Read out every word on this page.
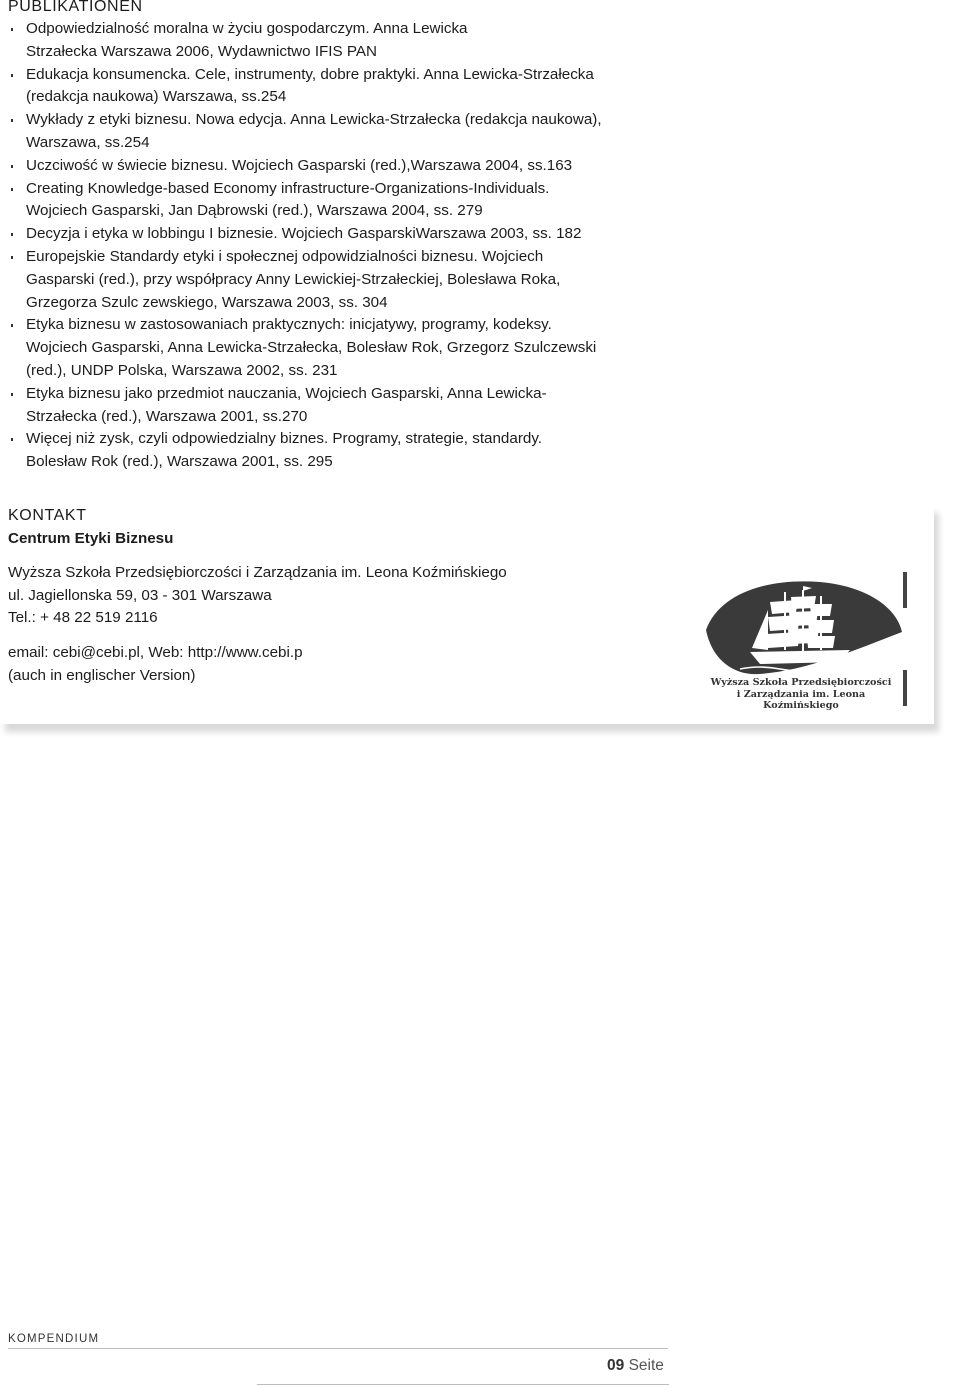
PUBLIKATIONEN
Odpowiedzialność moralna w życiu gospodarczym. Anna Lewicka
Strzałecka Warszawa 2006, Wydawnictwo IFIS PAN
Edukacja konsumencka. Cele, instrumenty, dobre praktyki. Anna Lewicka-Strzałecka
(redakcja naukowa) Warszawa, ss.254
Wykłady z etyki biznesu. Nowa edycja. Anna Lewicka-Strzałecka (redakcja naukowa),
Warszawa, ss.254
Uczciwość w świecie biznesu. Wojciech Gasparski (red.),Warszawa 2004, ss.163
Creating Knowledge-based Economy infrastructure-Organizations-Individuals.
Wojciech Gasparski, Jan Dąbrowski (red.), Warszawa 2004, ss. 279
Decyzja i etyka w lobbingu I biznesie. Wojciech GasparskiWarszawa 2003, ss. 182
Europejskie Standardy etyki i społecznej odpowidzialności biznesu. Wojciech
Gasparski (red.), przy współpracy Anny Lewickiej-Strzałeckiej, Bolesława Roka,
Grzegorza Szulc zewskiego, Warszawa 2003, ss. 304
Etyka biznesu w zastosowaniach praktycznych: inicjatywy, programy, kodeksy.
Wojciech Gasparski, Anna Lewicka-Strzałecka, Bolesław Rok, Grzegorz Szulczewski
(red.), UNDP Polska, Warszawa 2002, ss. 231
Etyka biznesu jako przedmiot nauczania, Wojciech Gasparski, Anna Lewicka-
Strzałecka (red.), Warszawa 2001, ss.270
Więcej niż zysk, czyli odpowiedzialny biznes. Programy, strategie, standardy.
Bolesław Rok (red.), Warszawa 2001, ss. 295
KONTAKT

Centrum Etyki Biznesu

Wyższa Szkoła Przedsiębiorczości i Zarządzania im. Leona Koźmińskiego
ul. Jagiellonska 59, 03 - 301 Warszawa
Tel.: + 48 22 519 2116

email: cebi@cebi.pl, Web: http://www.cebi.p
(auch in englischer Version)	Wyższa Szkoła Przedsiębiorczości
i Zarządzania im. Leona Koźmińskiego

KOMPENDIUM

09 Seite
